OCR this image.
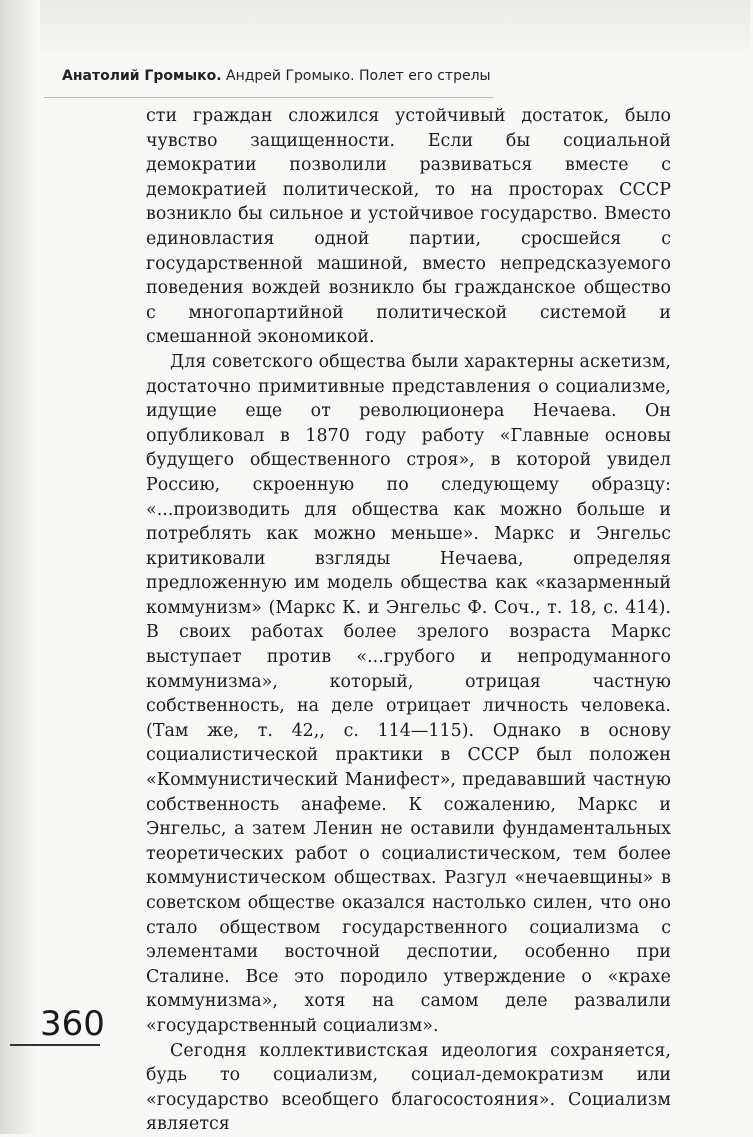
Анатолий Громыко. Андрей Громыко. Полет его стрелы

сти граждан сложился устойчивый достаток, было чувство защищенности. Если бы социальной демократии позволили развиваться вместе с демократией политической, то на просторах СССР возникло бы сильное и устойчивое государство. Вместо единовластия одной партии, сросшейся с государственной машиной, вместо непредсказуемого поведения вождей возникло бы гражданское общество с многопартийной политической системой и смешанной экономикой.

Для советского общества были характерны аскетизм, достаточно примитивные представления о социализме, идущие еще от революционера Нечаева. Он опубликовал в 1870 году работу «Главные основы будущего общественного строя», в которой увидел Россию, скроенную по следующему образцу: «...производить для общества как можно больше и потреблять как можно меньше». Маркс и Энгельс критиковали взгляды Нечаева, определяя предложенную им модель общества как «казарменный коммунизм» (Маркс К. и Энгельс Ф. Соч., т. 18, с. 414). В своих работах более зрелого возраста Маркс выступает против «...грубого и непродуманного коммунизма», который, отрицая частную собственность, на деле отрицает личность человека. (Там же, т. 42,, с. 114—115). Однако в основу социалистической практики в СССР был положен «Коммунистический Манифест», предававший частную собственность анафеме. К сожалению, Маркс и Энгельс, а затем Ленин не оставили фундаментальных теоретических работ о социалистическом, тем более коммунистическом обществах. Разгул «нечаевщины» в советском обществе оказался настолько силен, что оно стало обществом государственного социализма с элементами восточной деспотии, особенно при Сталине. Все это породило утверждение о «крахе коммунизма», хотя на самом деле развалили «государственный социализм».

Сегодня коллективистская идеология сохраняется, будь то социализм, социал-демократизм или «государство всеобщего благосостояния». Социализм является

360
